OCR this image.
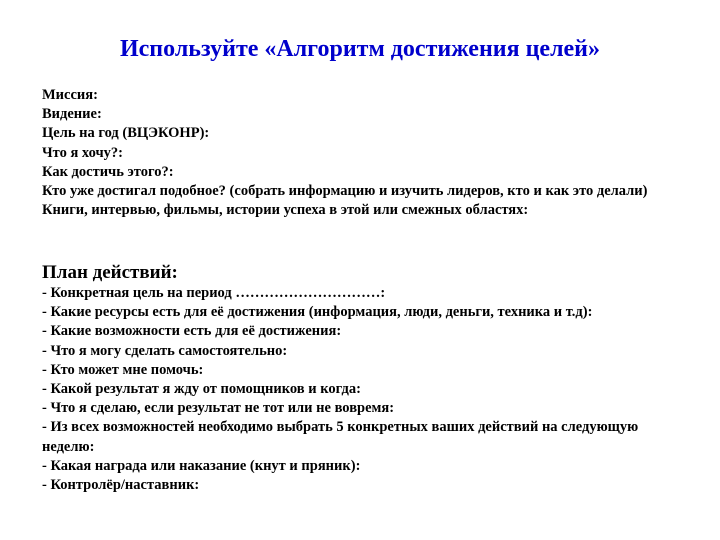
Используйте «Алгоритм достижения целей»
Миссия:
Видение:
Цель на год (ВЦЭКОНР):
Что я хочу?:
Как достичь этого?:
Кто уже достигал подобное? (собрать информацию и изучить лидеров, кто и как это делали)
Книги, интервью, фильмы, истории успеха в этой или смежных областях:
План действий:
- Конкретная цель на период …………………………:
- Какие ресурсы есть для её достижения (информация, люди, деньги, техника и т.д):
- Какие возможности есть для её достижения:
- Что я могу сделать самостоятельно:
- Кто может мне помочь:
- Какой результат я жду от помощников и когда:
- Что я сделаю, если результат не тот или не вовремя:
- Из всех возможностей необходимо выбрать 5 конкретных ваших действий на следующую неделю:
- Какая награда или наказание (кнут и пряник):
- Контролёр/наставник:
